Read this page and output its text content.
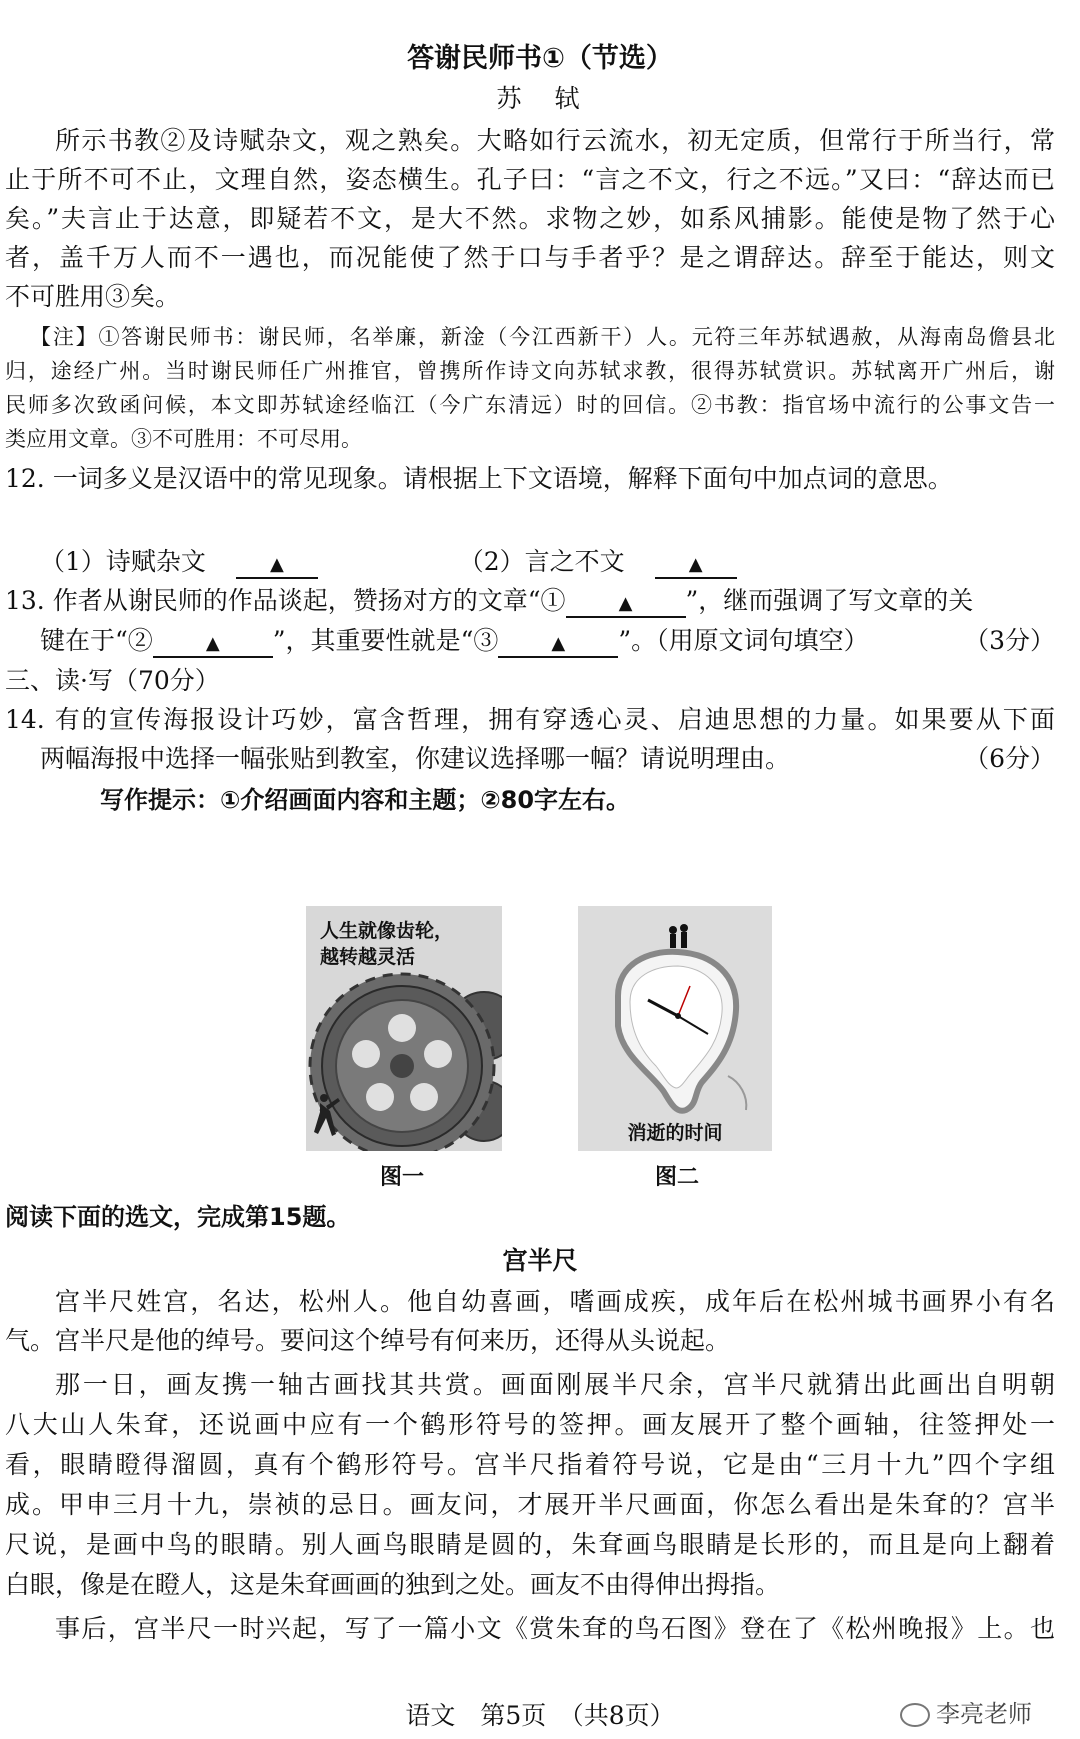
答谢民师书①（节选）
苏　轼
所示书教②及诗赋杂文，观之熟矣。大略如行云流水，初无定质，但常行于所当行，常
止于所不可不止，文理自然，姿态横生。孔子曰：“言之不文，行之不远。”又曰：“辞达而已
矣。”夫言止于达意，即疑若不文，是大不然。求物之妙，如系风捕影。能使是物了然于心
者，盖千万人而不一遇也，而况能使了然于口与手者乎？是之谓辞达。辞至于能达，则文
不可胜用③矣。
【注】①答谢民师书：谢民师，名举廉，新淦（今江西新干）人。元符三年苏轼遇赦，从海南岛儋县北
归，途经广州。当时谢民师任广州推官，曾携所作诗文向苏轼求教，很得苏轼赏识。苏轼离开广州后，谢
民师多次致函问候，本文即苏轼途经临江（今广东清远）时的回信。②书教：指官场中流行的公事文告一
类应用文章。③不可胜用：不可尽用。
12. 一词多义是汉语中的常见现象。请根据上下文语境，解释下面句中加点词的意思。
（1）诗赋杂文	▲	（2）言之不文	▲
13. 作者从谢民师的作品谈起，赞扬对方的文章“①	▲ ”，继而强调了写文章的关
键在于“②	▲ ”，其重要性就是“③	▲ ”。（用原文词句填空）	（3分）
三、读·写（70分）
14. 有的宣传海报设计巧妙，富含哲理，拥有穿透心灵、启迪思想的力量。如果要从下面
两幅海报中选择一幅张贴到教室，你建议选择哪一幅？请说明理由。	（6分）
写作提示：①介绍画面内容和主题；②80字左右。
人生就像齿轮，
越转越灵活
图一
消逝的时间
图二
阅读下面的选文，完成第15题。
宫半尺
宫半尺姓宫，名达，松州人。他自幼喜画，嗜画成疾，成年后在松州城书画界小有名
气。宫半尺是他的绰号。要问这个绰号有何来历，还得从头说起。
那一日，画友携一轴古画找其共赏。画面刚展半尺余，宫半尺就猜出此画出自明朝
八大山人朱耷，还说画中应有一个鹤形符号的签押。画友展开了整个画轴，往签押处一
看，眼睛瞪得溜圆，真有个鹤形符号。宫半尺指着符号说，它是由“三月十九”四个字组
成。甲申三月十九，崇祯的忌日。画友问，才展开半尺画面，你怎么看出是朱耷的？宫半
尺说，是画中鸟的眼睛。别人画鸟眼睛是圆的，朱耷画鸟眼睛是长形的，而且是向上翻着
白眼，像是在瞪人，这是朱耷画画的独到之处。画友不由得伸出拇指。
事后，宫半尺一时兴起，写了一篇小文《赏朱耷的鸟石图》登在了《松州晚报》上。也
语文　第5页　（共8页）	李亮老师
